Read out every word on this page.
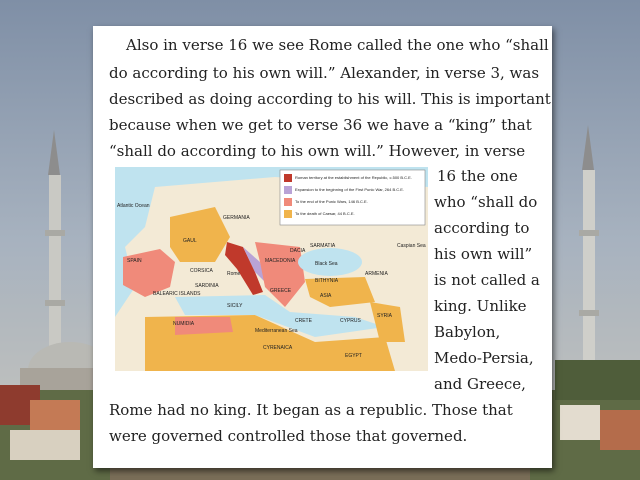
Also in verse 16 we see Rome called the one who “shall
do according to his own will.” Alexander, in verse 3, was
described as doing according to his will. This is important
because when we get to verse 36 we have a “king” that
“shall do according to his own will.” However, in verse
16 the one
who “shall do
according to
his own will”
is not called a
king. Unlike
Babylon,
Medo-Persia,
and Greece,
Rome had no king. It began as a republic. Those that
were governed controlled those that governed.
Roman territory at the establishment of the Republic, c.500 B.C.E.
Expansion to the beginning of the First Punic War, 264 B.C.E.
To the end of the Punic Wars, 146 B.C.E.
To the death of Caesar, 44 B.C.E.
Atlantic Ocean
GERMANIA
GAUL
SPAIN
CORSICA
SARDINIA
Rome
DACIA
SARMATIA
Black Sea
Caspian Sea
ARMENIA
BITHYNIA
NUMIDIA
SICILY
CRETE	CYPRUS
SYRIA
Mediterranean Sea
CYRENAICA
EGYPT
ASIA
BALEARIC ISLANDS
MACEDONIA
GREECE
